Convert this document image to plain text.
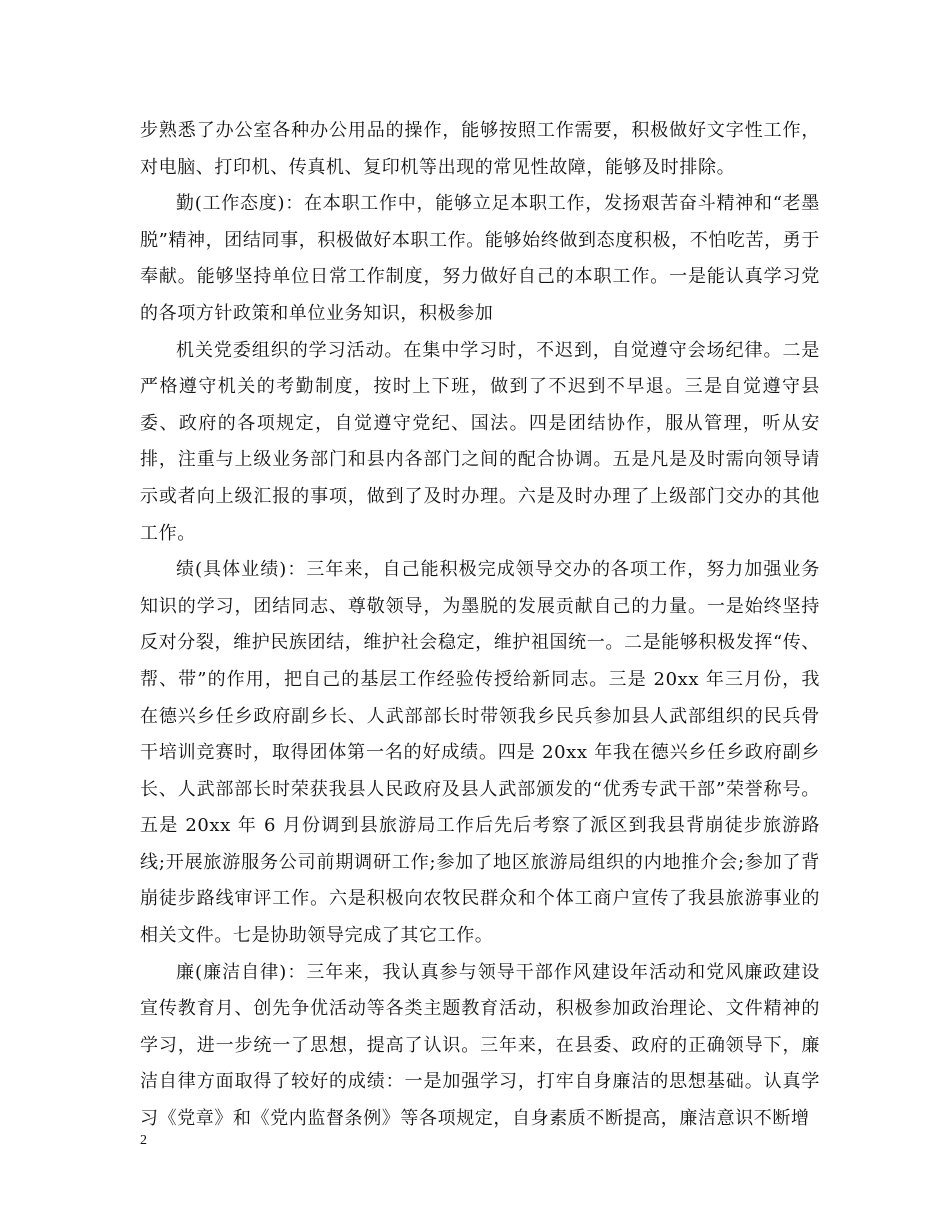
步熟悉了办公室各种办公用品的操作，能够按照工作需要，积极做好文字性工作，对电脑、打印机、传真机、复印机等出现的常见性故障，能够及时排除。

勤(工作态度)：在本职工作中，能够立足本职工作，发扬艰苦奋斗精神和“老墨脱”精神，团结同事，积极做好本职工作。能够始终做到态度积极，不怕吃苦，勇于奉献。能够坚持单位日常工作制度，努力做好自己的本职工作。一是能认真学习党的各项方针政策和单位业务知识，积极参加

机关党委组织的学习活动。在集中学习时，不迟到，自觉遵守会场纪律。二是严格遵守机关的考勤制度，按时上下班，做到了不迟到不早退。三是自觉遵守县委、政府的各项规定，自觉遵守党纪、国法。四是团结协作，服从管理，听从安排，注重与上级业务部门和县内各部门之间的配合协调。五是凡是及时需向领导请示或者向上级汇报的事项，做到了及时办理。六是及时办理了上级部门交办的其他工作。

绩(具体业绩)：三年来，自己能积极完成领导交办的各项工作，努力加强业务知识的学习，团结同志、尊敬领导，为墨脱的发展贡献自己的力量。一是始终坚持反对分裂，维护民族团结，维护社会稳定，维护祖国统一。二是能够积极发挥“传、帮、带”的作用，把自己的基层工作经验传授给新同志。三是 20xx 年三月份，我在德兴乡任乡政府副乡长、人武部部长时带领我乡民兵参加县人武部组织的民兵骨干培训竞赛时，取得团体第一名的好成绩。四是 20xx 年我在德兴乡任乡政府副乡长、人武部部长时荣获我县人民政府及县人武部颁发的“优秀专武干部”荣誉称号。五是 20xx 年 6 月份调到县旅游局工作后先后考察了派区到我县背崩徒步旅游路线;开展旅游服务公司前期调研工作;参加了地区旅游局组织的内地推介会;参加了背崩徒步路线审评工作。六是积极向农牧民群众和个体工商户宣传了我县旅游事业的相关文件。七是协助领导完成了其它工作。

廉(廉洁自律)：三年来，我认真参与领导干部作风建设年活动和党风廉政建设宣传教育月、创先争优活动等各类主题教育活动，积极参加政治理论、文件精神的学习，进一步统一了思想，提高了认识。三年来，在县委、政府的正确领导下，廉洁自律方面取得了较好的成绩：一是加强学习，打牢自身廉洁的思想基础。认真学习《党章》和《党内监督条例》等各项规定，自身素质不断提高，廉洁意识不断增

2
